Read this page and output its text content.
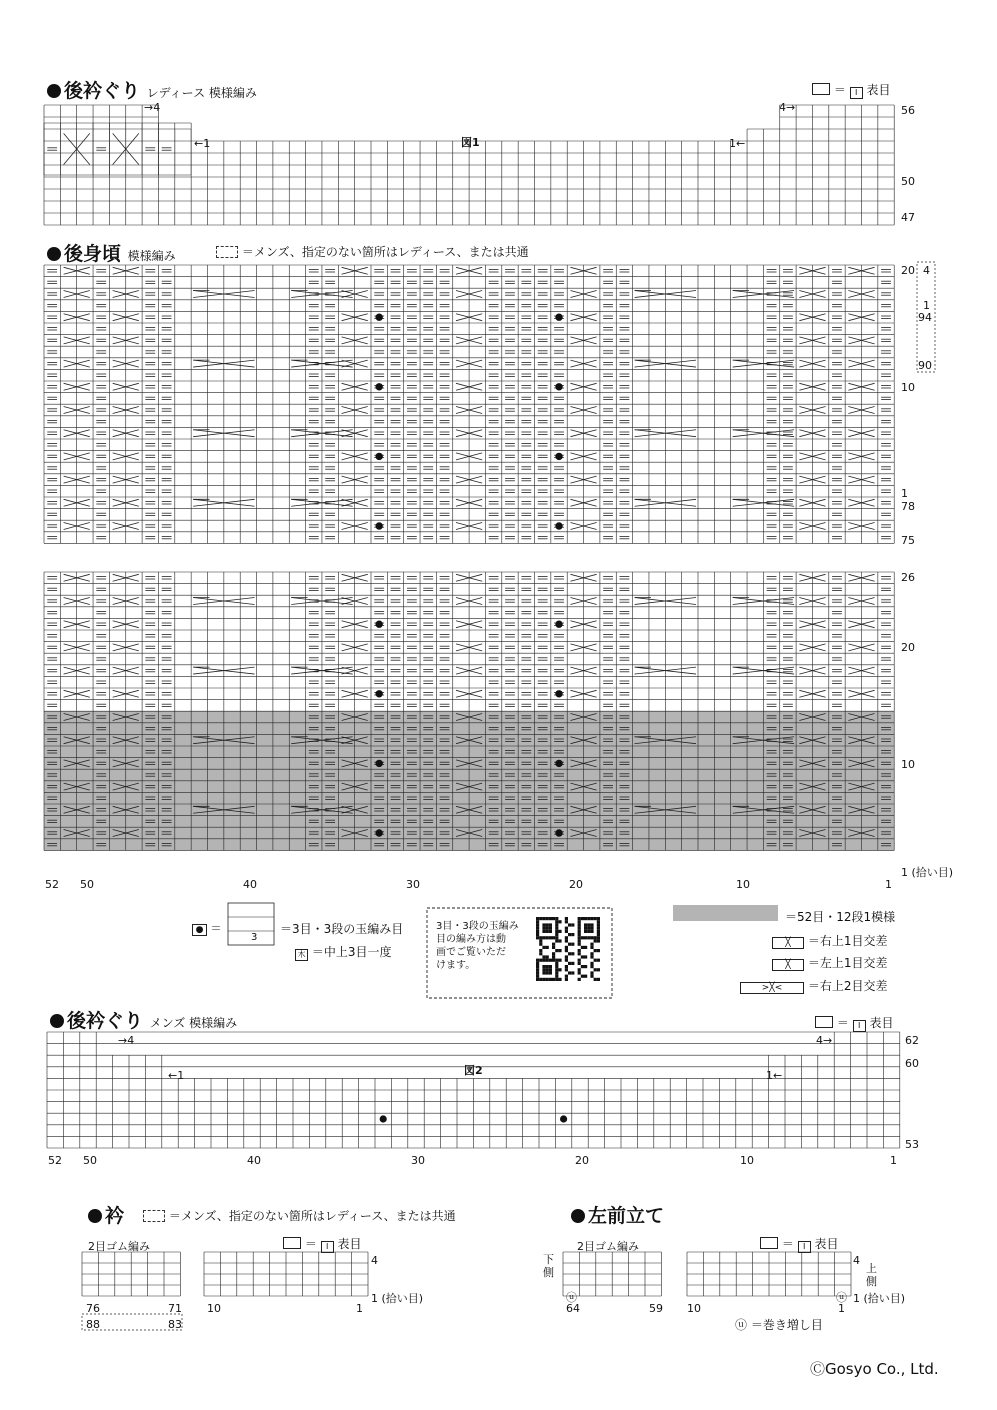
後衿ぐり レディース 模様編み	＝ I 表目
→4	4→
←1	1←
図1
56
50
47
後身頃 模様編み	＝メンズ、指定のない箇所はレディース、または共通
20
10
1
78
75
4
1
94
90
26
20
10
1 (拾い目)
52 50	40	30	20	10	1
● ＝	＝3目・3段の玉編み目
3
木 ＝中上3目一度
3目・3段の玉編み
目の編み方は動
画でご覧いただ
けます。
＝52目・12段1模様
╳ ＝右上1目交差
╳ ＝左上1目交差
>╳< ＝右上2目交差
後衿ぐり メンズ 模様編み	＝ I 表目
→4	4→
←1	1←
図2
62
60
53
52 50	40	30	20	10	1
衿	＝メンズ、指定のない箇所はレディース、または共通
2目ゴム編み	＝ I 表目
4
1 (拾い目)
76	71
88	83
10	1
左前立て
2目ゴム編み	＝ I 表目
下側	上側
4
1 (拾い目)
64	59 10	1
ⓤ	ⓤ
ⓤ ＝巻き増し目
ⒸGosyo Co., Ltd.
